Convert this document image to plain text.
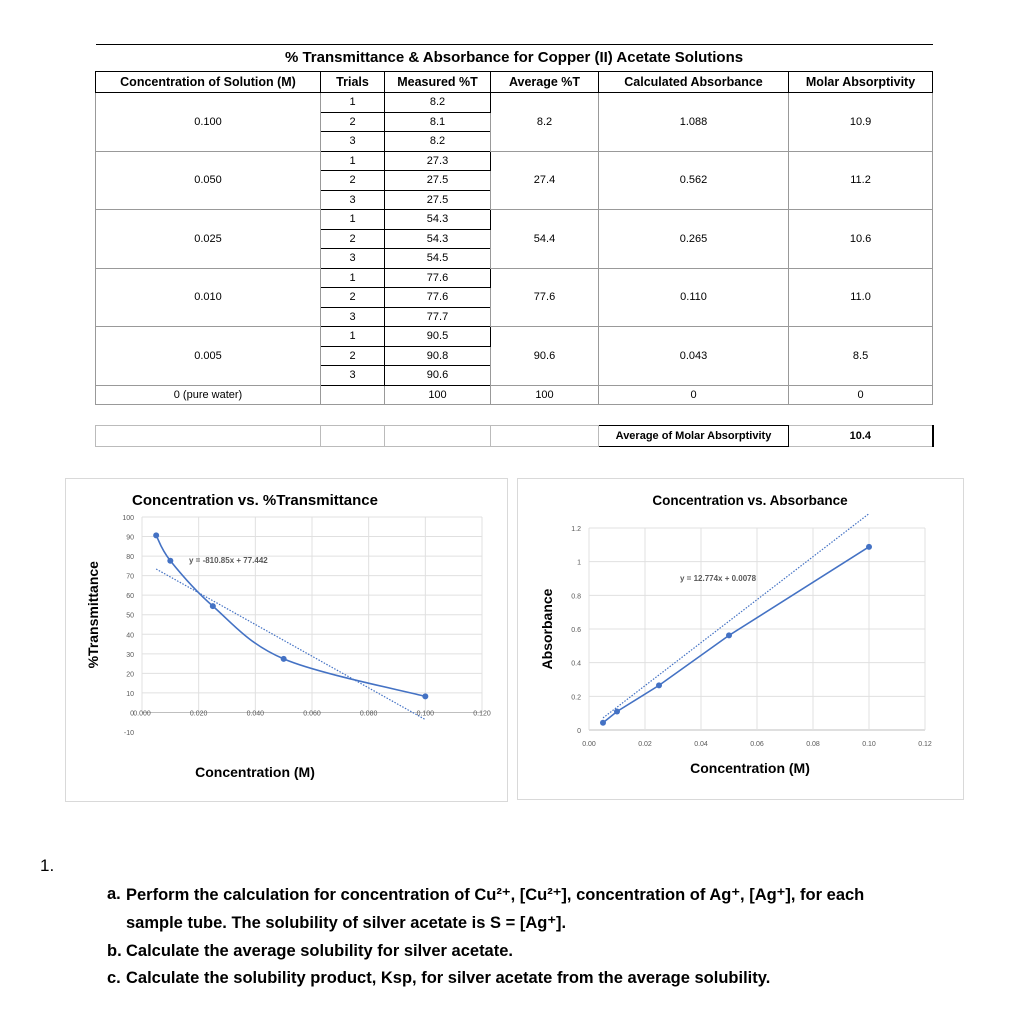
% Transmittance & Absorbance for Copper (II) Acetate Solutions					
Concentration of Solution (M)	Trials	Measured %T	Average %T	Calculated Absorbance	Molar Absorptivity
0.100	1	8.2	8.2	1.088	10.9
	2	8.1			
	3	8.2			
0.050	1	27.3	27.4	0.562	11.2
	2	27.5			
	3	27.5			
0.025	1	54.3	54.4	0.265	10.6
	2	54.3			
	3	54.5			
0.010	1	77.6	77.6	0.110	11.0
	2	77.6			
	3	77.7			
0.005	1	90.5	90.6	0.043	8.5
	2	90.8			
	3	90.6			
0 (pure water)		100	100	0	0

				Average of Molar Absorptivity	10.4
Concentration vs. %Transmittance
-10
0
10
20
30
40
50
60
70
80
90
100
0.000	0.020	0.040	0.060	0.080	0.100	0.120
Concentration (M)
%Transmittance
y = -810.85x + 77.442
Concentration vs. Absorbance
0
0.2
0.4
0.6
0.8
1
1.2
0.00	0.02	0.04	0.06	0.08	0.10	0.12
Concentration (M)
Absorbance
y = 12.774x + 0.0078
1.
a. Perform the calculation for concentration of Cu²⁺, [Cu²⁺], concentration of Ag⁺, [Ag⁺], for each
sample tube. The solubility of silver acetate is S = [Ag⁺].
b. Calculate the average solubility for silver acetate.
c. Calculate the solubility product, Ksp, for silver acetate from the average solubility.
